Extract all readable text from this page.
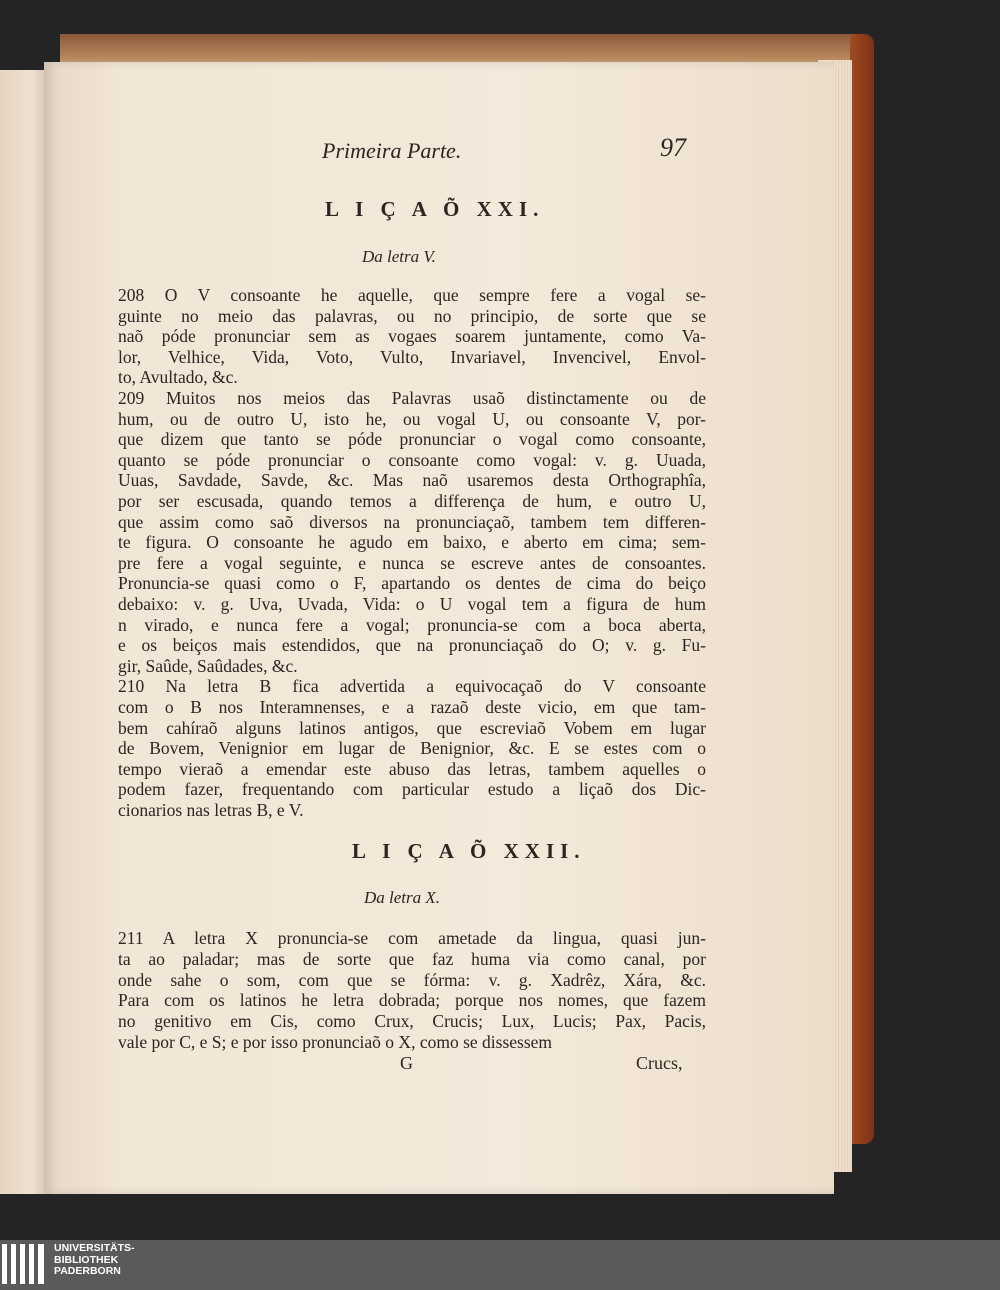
Primeira Parte.	97
L I Ç A Õ XXI.
Da letra V.
208 O V consoante he aquelle, que sempre fere a vogal se-
guinte no meio das palavras, ou no principio, de sorte que se
naõ póde pronunciar sem as vogaes soarem juntamente, como Va-
lor, Velhice, Vida, Voto, Vulto, Invariavel, Invencivel, Envol-
to, Avultado, &c.
209 Muitos nos meios das Palavras usaõ distinctamente ou de
hum, ou de outro U, isto he, ou vogal U, ou consoante V, por-
que dizem que tanto se póde pronunciar o vogal como consoante,
quanto se póde pronunciar o consoante como vogal: v. g. Uuada,
Uuas, Savdade, Savde, &c. Mas naõ usaremos desta Orthographîa,
por ser escusada, quando temos a differença de hum, e outro U,
que assim como saõ diversos na pronunciaçaõ, tambem tem differen-
te figura. O consoante he agudo em baixo, e aberto em cima; sem-
pre fere a vogal seguinte, e nunca se escreve antes de consoantes.
Pronuncia-se quasi como o F, apartando os dentes de cima do beiço
debaixo: v. g. Uva, Uvada, Vida: o U vogal tem a figura de hum
n virado, e nunca fere a vogal; pronuncia-se com a boca aberta,
e os beiços mais estendidos, que na pronunciaçaõ do O; v. g. Fu-
gir, Saûde, Saûdades, &c.
210 Na letra B fica advertida a equivocaçaõ do V consoante
com o B nos Interamnenses, e a razaõ deste vicio, em que tam-
bem cahíraõ alguns latinos antigos, que escreviaõ Vobem em lugar
de Bovem, Venignior em lugar de Benignior, &c. E se estes com o
tempo vieraõ a emendar este abuso das letras, tambem aquelles o
podem fazer, frequentando com particular estudo a liçaõ dos Dic-
cionarios nas letras B, e V.
L I Ç A Õ XXII.
Da letra X.
211 A letra X pronuncia-se com ametade da lingua, quasi jun-
ta ao paladar; mas de sorte que faz huma via como canal, por
onde sahe o som, com que se fórma: v. g. Xadrêz, Xára, &c.
Para com os latinos he letra dobrada; porque nos nomes, que fazem
no genitivo em Cis, como Crux, Crucis; Lux, Lucis; Pax, Pacis,
vale por C, e S; e por isso pronunciaõ o X, como se dissessem
G	Crucs,
UNIVERSITÄTS-
BIBLIOTHEK
PADERBORN
